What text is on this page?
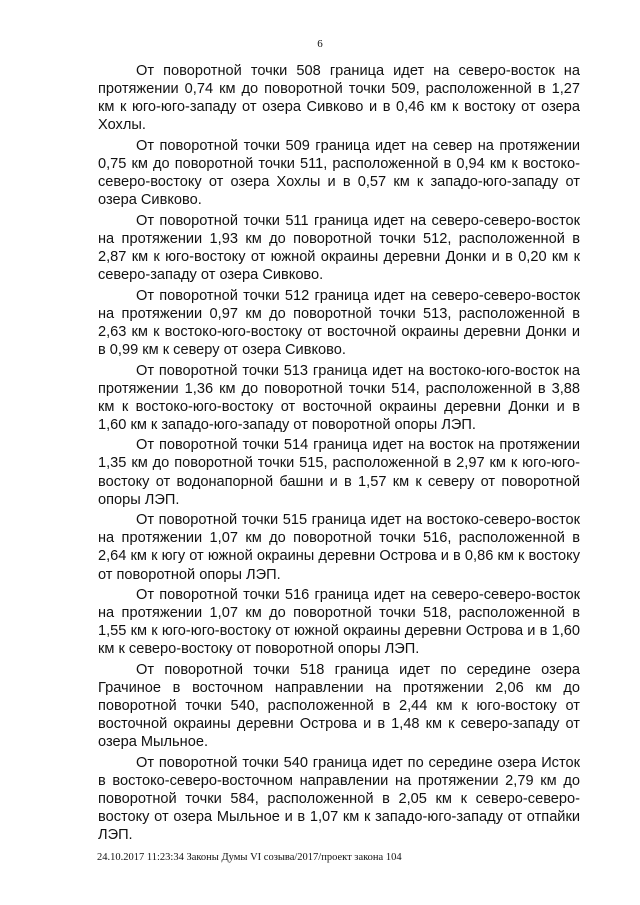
6

От поворотной точки 508 граница идет на северо-восток на протяжении 0,74 км до поворотной точки 509, расположенной в 1,27 км к юго-юго-западу от озера Сивково и в 0,46 км к востоку от озера Хохлы.

От поворотной точки 509 граница идет на север на протяжении 0,75 км до поворотной точки 511, расположенной в 0,94 км к востоко-северо-востоку от озера Хохлы и в 0,57 км к западо-юго-западу от озера Сивково.

От поворотной точки 511 граница идет на северо-северо-восток на протяжении 1,93 км до поворотной точки 512, расположенной в 2,87 км к юго-востоку от южной окраины деревни Донки и в 0,20 км к северо-западу от озера Сивково.

От поворотной точки 512 граница идет на северо-северо-восток на протяжении 0,97 км до поворотной точки 513, расположенной в 2,63 км к востоко-юго-востоку от восточной окраины деревни Донки и в 0,99 км к северу от озера Сивково.

От поворотной точки 513 граница идет на востоко-юго-восток на протяжении 1,36 км до поворотной точки 514, расположенной в 3,88 км к востоко-юго-востоку от восточной окраины деревни Донки и в 1,60 км к западо-юго-западу от поворотной опоры ЛЭП.

От поворотной точки 514 граница идет на восток на протяжении 1,35 км до поворотной точки 515, расположенной в 2,97 км к юго-юго-востоку от водонапорной башни и в 1,57 км к северу от поворотной опоры ЛЭП.

От поворотной точки 515 граница идет на востоко-северо-восток на протяжении 1,07 км до поворотной точки 516, расположенной в 2,64 км к югу от южной окраины деревни Острова и в 0,86 км к востоку от поворотной опоры ЛЭП.

От поворотной точки 516 граница идет на северо-северо-восток на протяжении 1,07 км до поворотной точки 518, расположенной в 1,55 км к юго-юго-востоку от южной окраины деревни Острова и в 1,60 км к северо-востоку от поворотной опоры ЛЭП.

От поворотной точки 518 граница идет по середине озера Грачиное в восточном направлении на протяжении 2,06 км до поворотной точки 540, расположенной в 2,44 км к юго-востоку от восточной окраины деревни Острова и в 1,48 км к северо-западу от озера Мыльное.

От поворотной точки 540 граница идет по середине озера Исток в востоко-северо-восточном направлении на протяжении 2,79 км до поворотной точки 584, расположенной в 2,05 км к северо-северо-востоку от озера Мыльное и в 1,07 км к западо-юго-западу от отпайки ЛЭП.

24.10.2017 11:23:34 Законы Думы VI созыва/2017/проект закона 104
